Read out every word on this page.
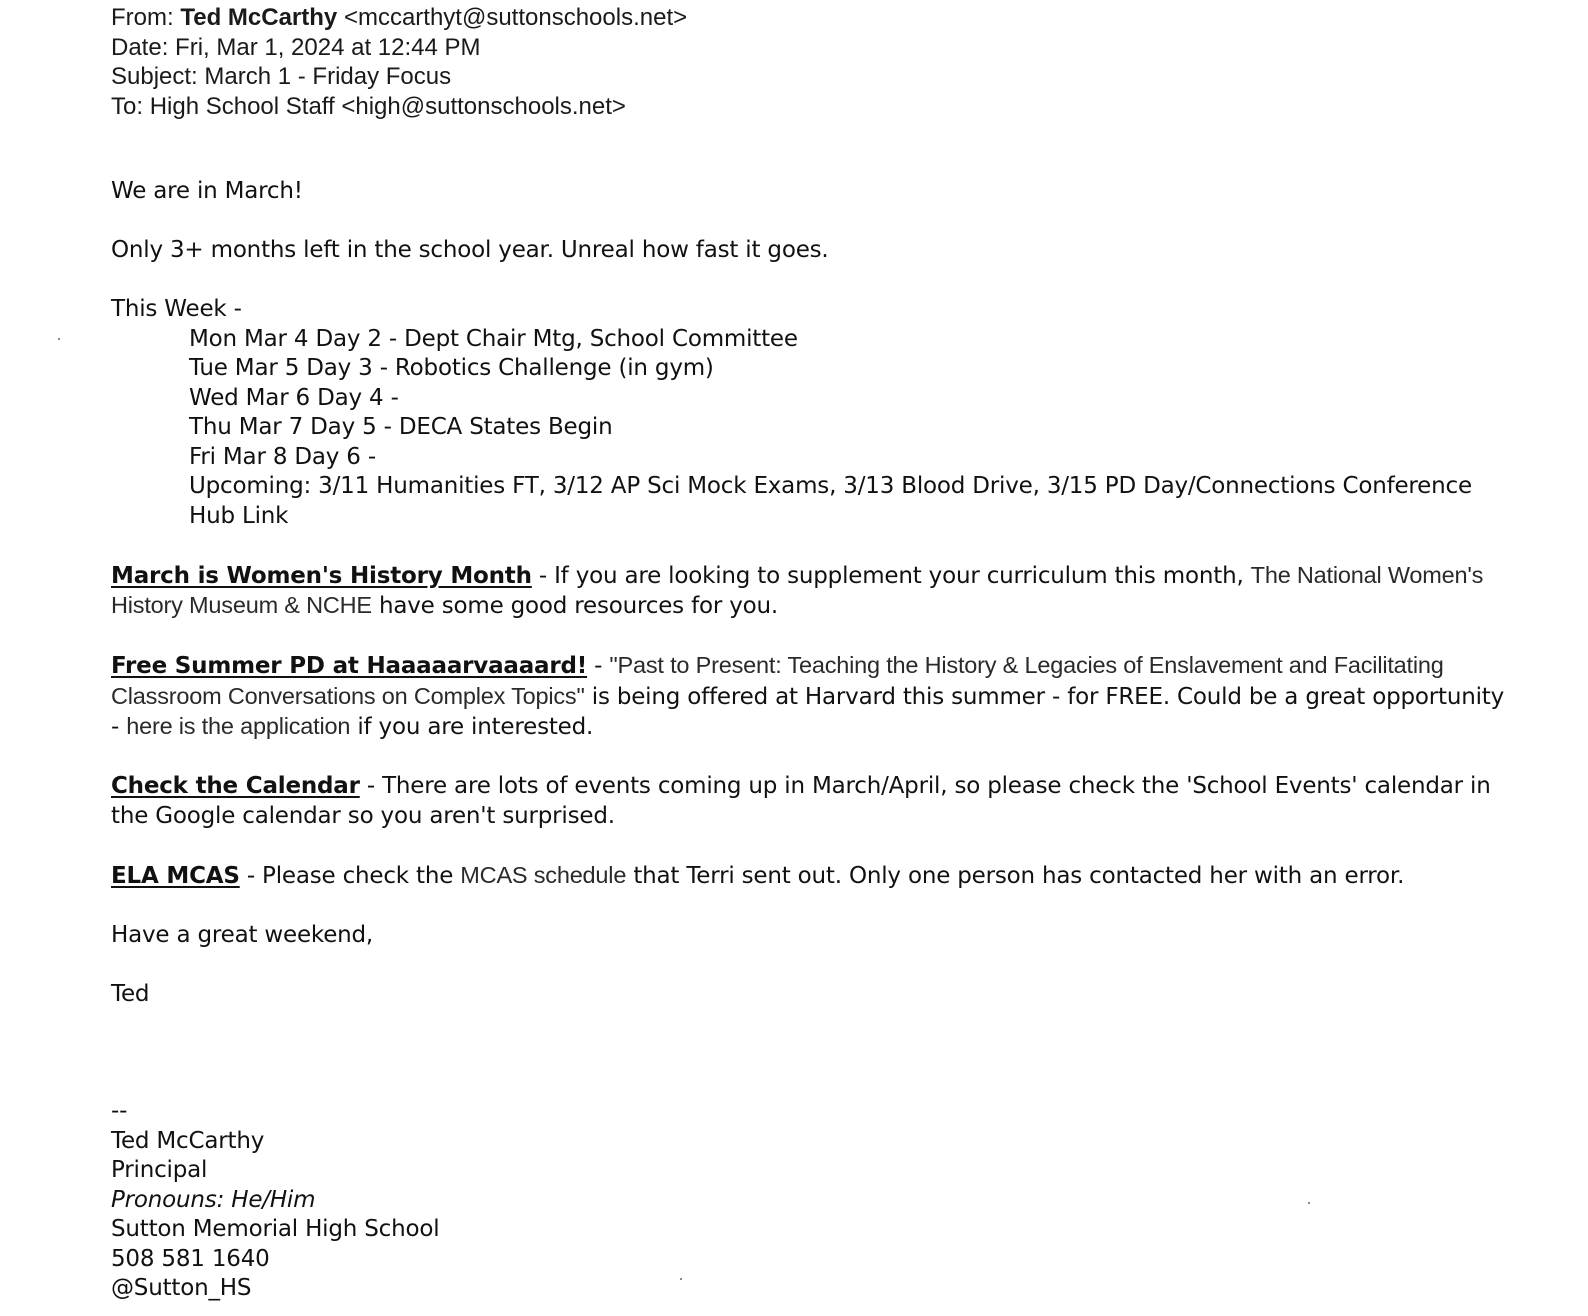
From: Ted McCarthy <mccarthyt@suttonschools.net>
Date: Fri, Mar 1, 2024 at 12:44 PM
Subject: March 1 - Friday Focus
To: High School Staff <high@suttonschools.net>

We are in March!

Only 3+ months left in the school year. Unreal how fast it goes.

This Week -

Mon Mar 4 Day 2 - Dept Chair Mtg, School Committee
Tue Mar 5 Day 3 - Robotics Challenge (in gym)
Wed Mar 6 Day 4 -
Thu Mar 7 Day 5 - DECA States Begin
Fri Mar 8 Day 6 -
Upcoming: 3/11 Humanities FT, 3/12 AP Sci Mock Exams, 3/13 Blood Drive, 3/15 PD Day/Connections Conference
Hub Link

March is Women's History Month - If you are looking to supplement your curriculum this month, The National Women's History Museum & NCHE have some good resources for you.

Free Summer PD at Haaaaarvaaaard! - "Past to Present: Teaching the History & Legacies of Enslavement and Facilitating Classroom Conversations on Complex Topics" is being offered at Harvard this summer - for FREE. Could be a great opportunity - here is the application if you are interested.

Check the Calendar - There are lots of events coming up in March/April, so please check the 'School Events' calendar in the Google calendar so you aren't surprised.

ELA MCAS - Please check the MCAS schedule that Terri sent out. Only one person has contacted her with an error.

Have a great weekend,

Ted

--
Ted McCarthy
Principal
Pronouns: He/Him
Sutton Memorial High School
508 581 1640
@Sutton_HS
